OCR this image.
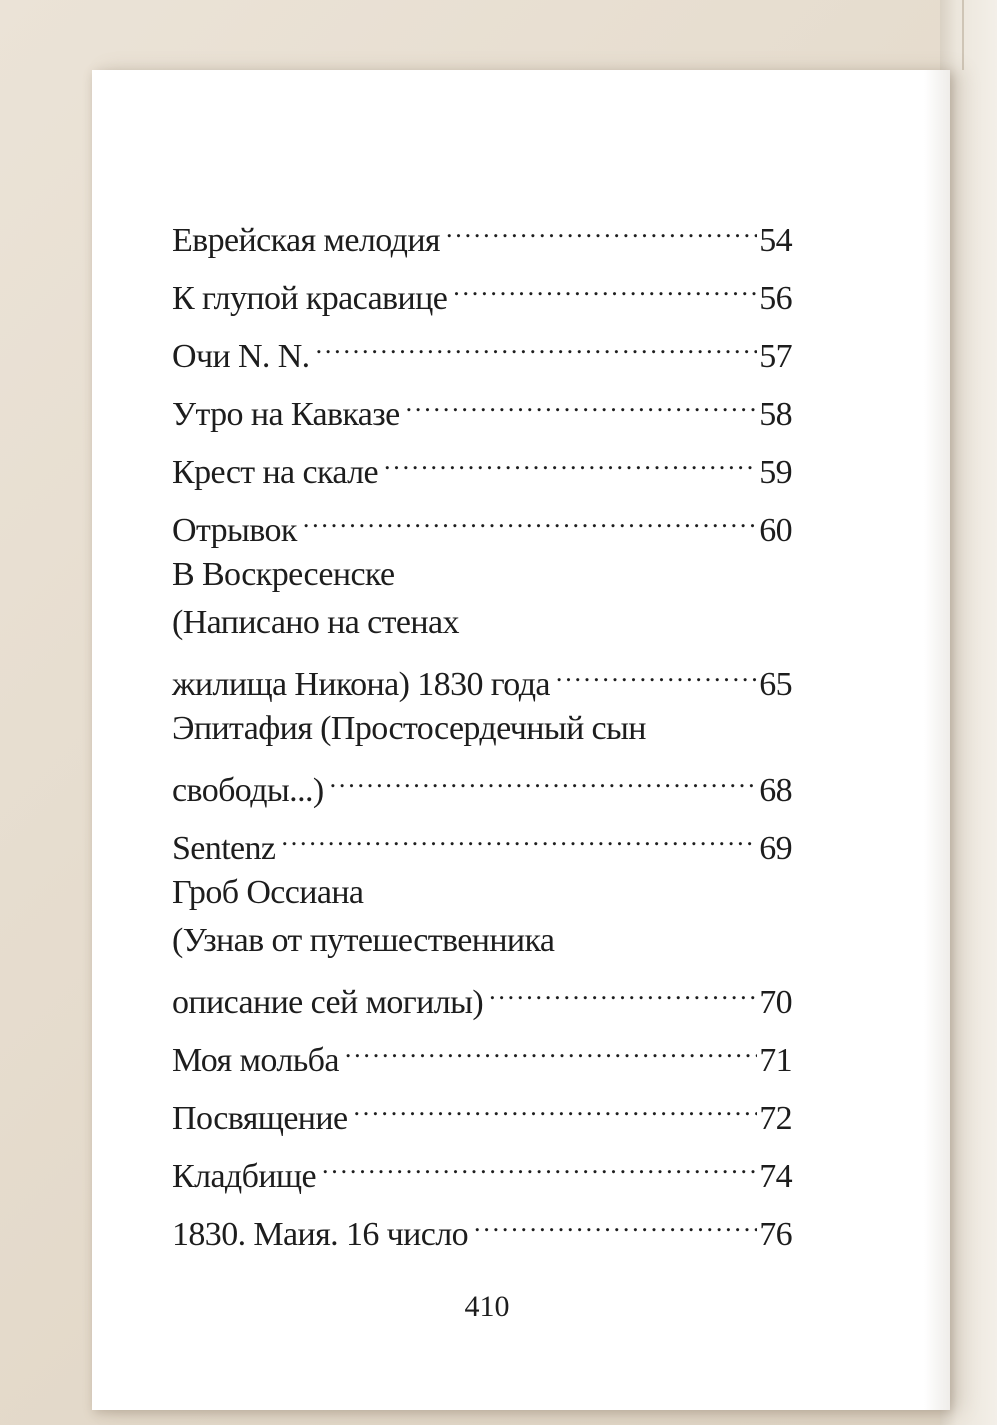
Еврейская мелодия .....	54
К глупой красавице .....	56
Очи N. N. .....	57
Утро на Кавказе .....	58
Крест на скале .....	59
Отрывок .....	60
В Воскресенске
(Написано на стенах
жилища Никона) 1830 года .....	65
Эпитафия (Простосердечный сын
свободы...) .....	68
Sentenz .....	69
Гроб Оссиана
(Узнав от путешественника
описание сей могилы) .....	70
Моя мольба .....	71
Посвящение .....	72
Кладбище .....	74
1830. Маия. 16 число .....	76
410
